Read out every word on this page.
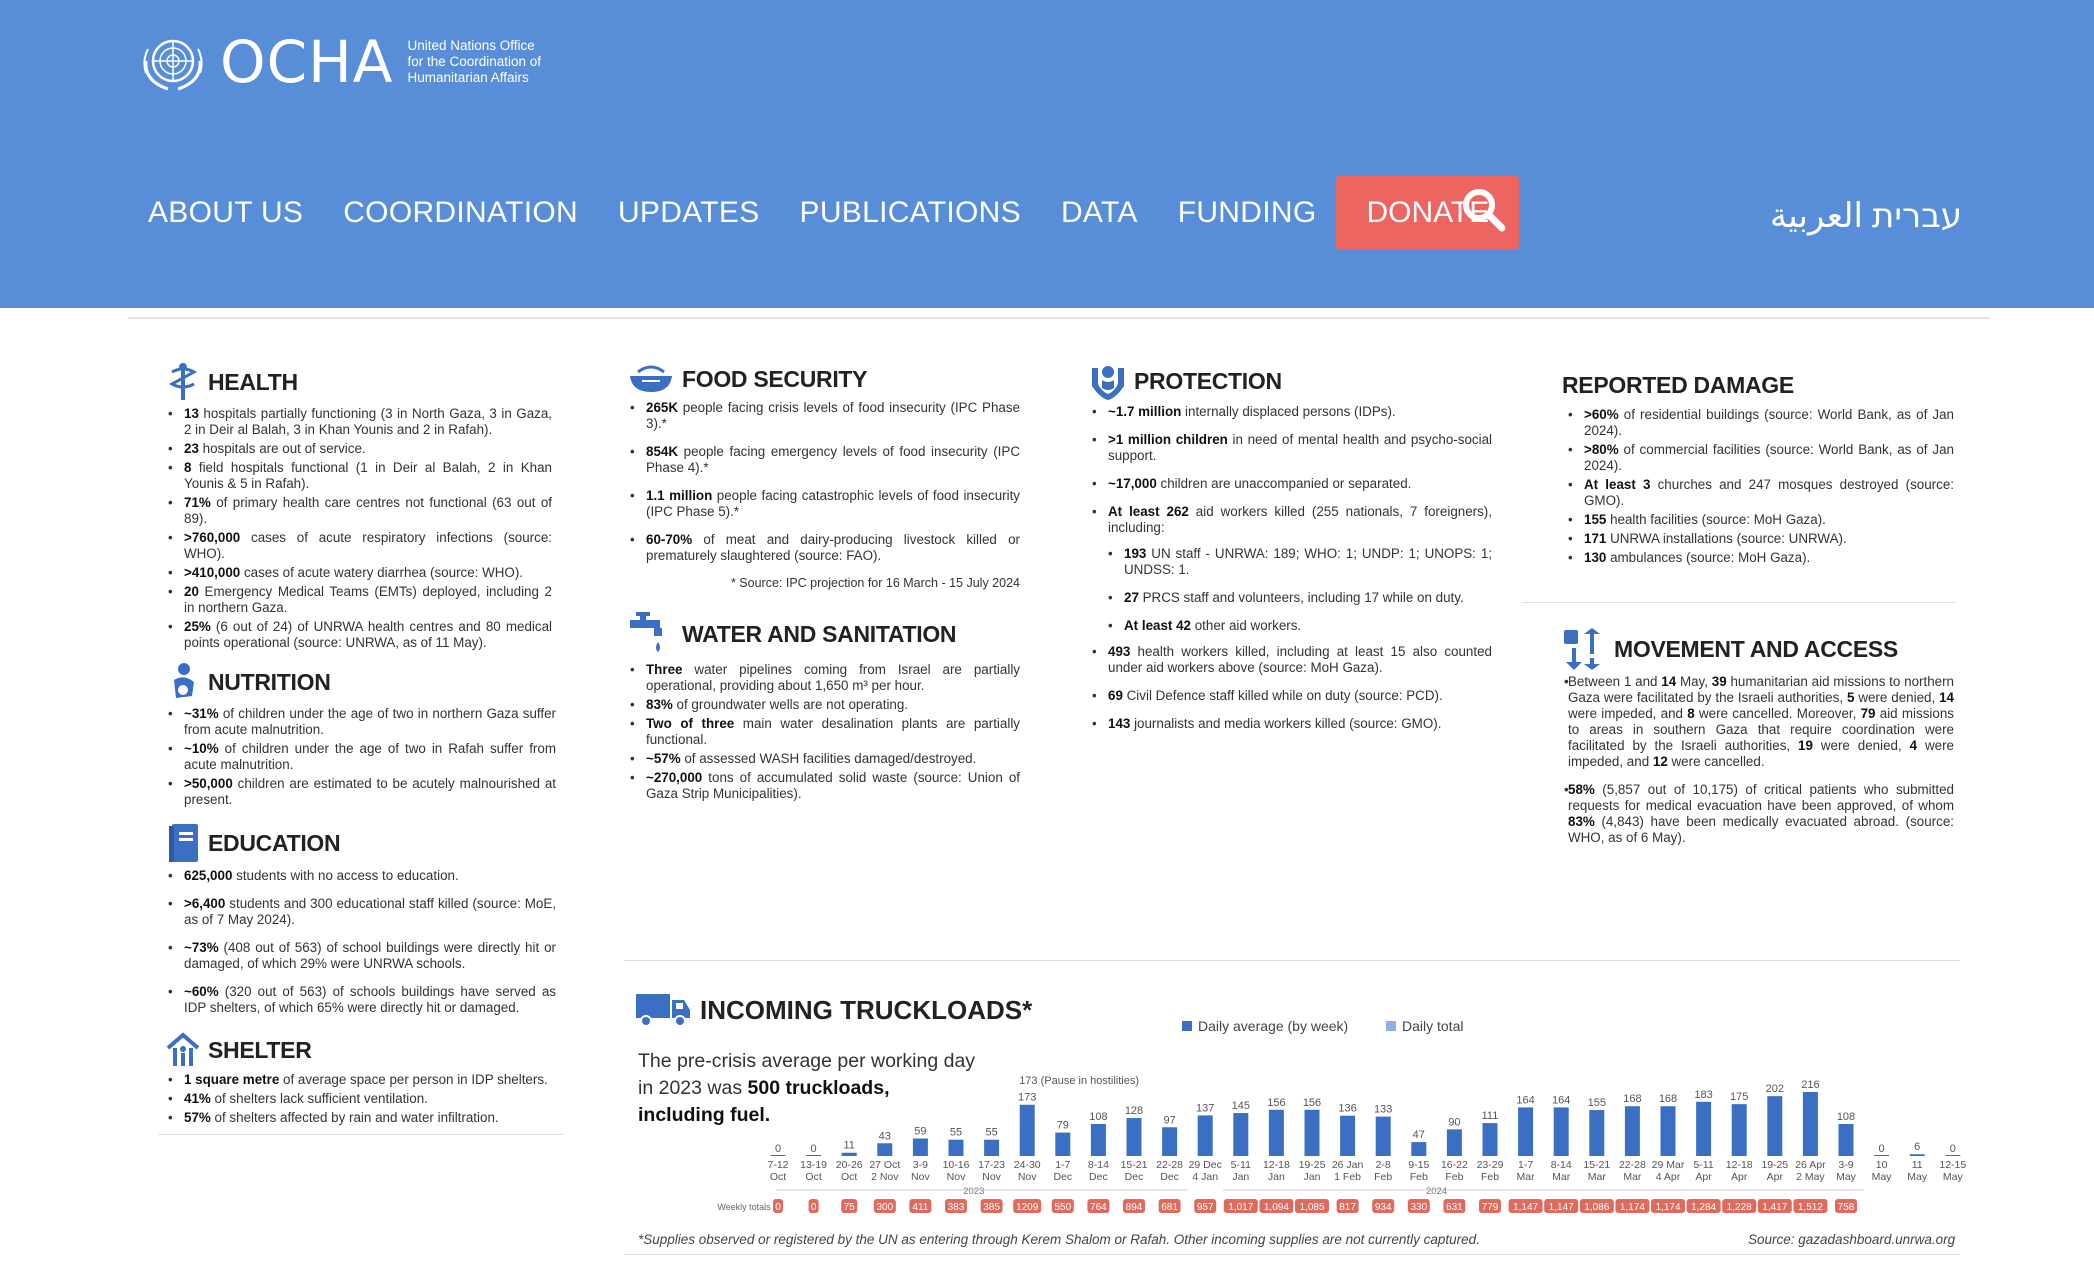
OCHA United Nations Office
for the Coordination of
Humanitarian Affairs
ABOUT US COORDINATION UPDATES PUBLICATIONS DATA FUNDING	DONATE	العربية עברית
HEALTH
• 13 hospitals partially functioning (3 in North Gaza, 3 in Gaza, 2 in Deir al Balah, 3 in Khan Younis and 2 in Rafah).
• 23 hospitals are out of service.
• 8 field hospitals functional (1 in Deir al Balah, 2 in Khan Younis & 5 in Rafah).
• 71% of primary health care centres not functional (63 out of 89).
• >760,000 cases of acute respiratory infections (source: WHO).
• >410,000 cases of acute watery diarrhea (source: WHO).
• 20 Emergency Medical Teams (EMTs) deployed, including 2 in northern Gaza.
• 25% (6 out of 24) of UNRWA health centres and 80 medical points operational (source: UNRWA, as of 11 May).
NUTRITION
• ~31% of children under the age of two in northern Gaza suffer from acute malnutrition.
• ~10% of children under the age of two in Rafah suffer from acute malnutrition.
• >50,000 children are estimated to be acutely malnourished at present.
EDUCATION
• 625,000 students with no access to education.
• >6,400 students and 300 educational staff killed (source: MoE, as of 7 May 2024).
• ~73% (408 out of 563) of school buildings were directly hit or damaged, of which 29% were UNRWA schools.
• ~60% (320 out of 563) of schools buildings have served as IDP shelters, of which 65% were directly hit or damaged.
SHELTER
• 1 square metre of average space per person in IDP shelters.
• 41% of shelters lack sufficient ventilation.
• 57% of shelters affected by rain and water infiltration.
FOOD SECURITY
• 265K people facing crisis levels of food insecurity (IPC Phase 3).*
• 854K people facing emergency levels of food insecurity (IPC Phase 4).*
• 1.1 million people facing catastrophic levels of food insecurity (IPC Phase 5).*
• 60-70% of meat and dairy-producing livestock killed or prematurely slaughtered (source: FAO).
* Source: IPC projection for 16 March - 15 July 2024
WATER AND SANITATION
• Three water pipelines coming from Israel are partially operational, providing about 1,650 m³ per hour.
• 83% of groundwater wells are not operating.
• Two of three main water desalination plants are partially functional.
• ~57% of assessed WASH facilities damaged/destroyed.
• ~270,000 tons of accumulated solid waste (source: Union of Gaza Strip Municipalities).
PROTECTION
• ~1.7 million internally displaced persons (IDPs).
• >1 million children in need of mental health and psycho-social support.
• ~17,000 children are unaccompanied or separated.
• At least 262 aid workers killed (255 nationals, 7 foreigners), including:
• 193 UN staff - UNRWA: 189; WHO: 1; UNDP: 1; UNOPS: 1; UNDSS: 1.
• 27 PRCS staff and volunteers, including 17 while on duty.
• At least 42 other aid workers.
• 493 health workers killed, including at least 15 also counted under aid workers above (source: MoH Gaza).
• 69 Civil Defence staff killed while on duty (source: PCD).
• 143 journalists and media workers killed (source: GMO).
REPORTED DAMAGE
• >60% of residential buildings (source: World Bank, as of Jan 2024).
• >80% of commercial facilities (source: World Bank, as of Jan 2024).
• At least 3 churches and 247 mosques destroyed (source: GMO).
• 155 health facilities (source: MoH Gaza).
• 171 UNRWA installations (source: UNRWA).
• 130 ambulances (source: MoH Gaza).
MOVEMENT AND ACCESS
• Between 1 and 14 May, 39 humanitarian aid missions to northern Gaza were facilitated by the Israeli authorities, 5 were denied, 14 were impeded, and 8 were cancelled. Moreover, 79 aid missions to areas in southern Gaza that require coordination were facilitated by the Israeli authorities, 19 were denied, 4 were impeded, and 12 were cancelled.
• 58% (5,857 out of 10,175) of critical patients who submitted requests for medical evacuation have been approved, of whom 83% (4,843) have been medically evacuated abroad. (source: WHO, as of 6 May).
INCOMING TRUCKLOADS*
The pre-crisis average per working day in 2023 was 500 truckloads, including fuel.
Daily average (by week)	Daily total
0
7-12
Oct
0
13-19
Oct
11
20-26
Oct
43
27 Oct
2 Nov
59
3-9
Nov
55
10-16
Nov
55
17-23
Nov
173
24-30
Nov
79
1-7
Dec
108
8-14
Dec
128
15-21
Dec
97
22-28
Dec
137
29 Dec
4 Jan
145
5-11
Jan
156
12-18
Jan
156
19-25
Jan
136
26 Jan
1 Feb
133
2-8
Feb
47
9-15
Feb
90
16-22
Feb
111
23-29
Feb
164
1-7
Mar
164
8-14
Mar
155
15-21
Mar
168
22-28
Mar
168
29 Mar
4 Apr
183
5-11
Apr
175
12-18
Apr
202
19-25
Apr
216
26 Apr
2 May
108
3-9
May
0
10
May
6
11
May
0
12-15
May
173 (Pause in hostilities)
2023	2024
Weekly totals 0	0	75 300 411 383 385 1209 550 764 894 681 957 1,017 1,094 1,085 817 934 330 631 779 1,147 1,147 1,086 1,174 1,174 1,284 1,228 1,417 1,512 758
*Supplies observed or registered by the UN as entering through Kerem Shalom or Rafah. Other incoming supplies are not currently captured.	Source: gazadashboard.unrwa.org
